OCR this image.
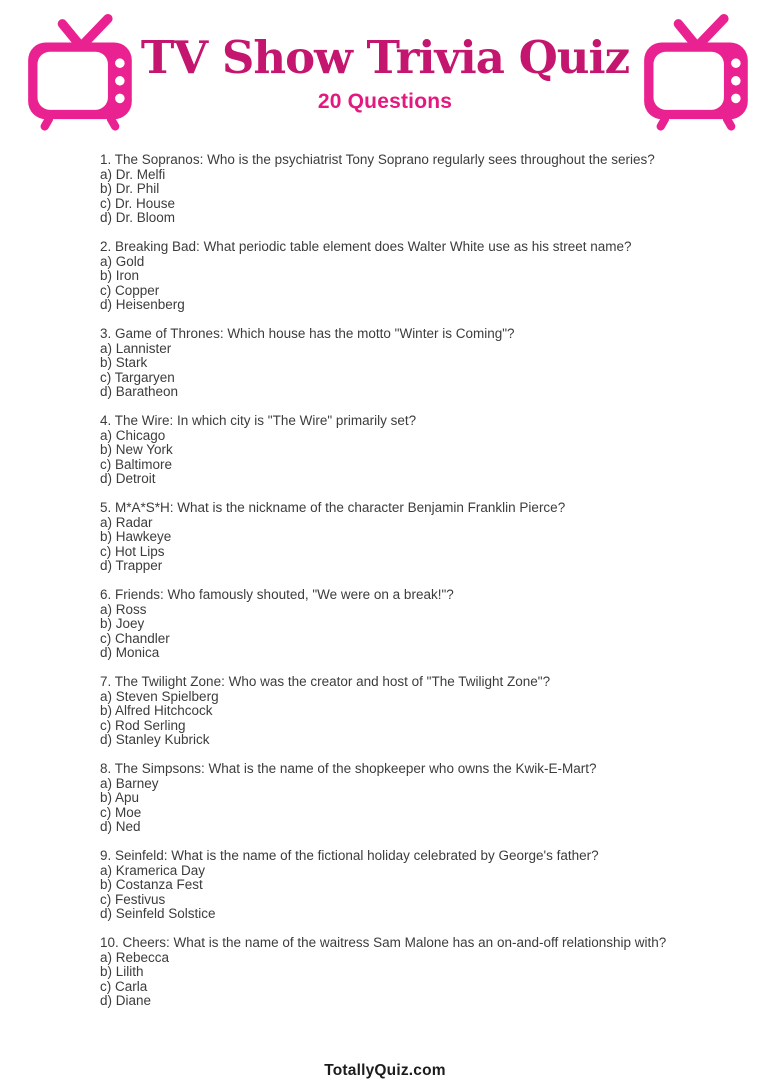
TV Show Trivia Quiz
20 Questions
1. The Sopranos: Who is the psychiatrist Tony Soprano regularly sees throughout the series?
a) Dr. Melfi
b) Dr. Phil
c) Dr. House
d) Dr. Bloom
2. Breaking Bad: What periodic table element does Walter White use as his street name?
a) Gold
b) Iron
c) Copper
d) Heisenberg
3. Game of Thrones: Which house has the motto "Winter is Coming"?
a) Lannister
b) Stark
c) Targaryen
d) Baratheon
4. The Wire: In which city is "The Wire" primarily set?
a) Chicago
b) New York
c) Baltimore
d) Detroit
5. M*A*S*H: What is the nickname of the character Benjamin Franklin Pierce?
a) Radar
b) Hawkeye
c) Hot Lips
d) Trapper
6. Friends: Who famously shouted, "We were on a break!"?
a) Ross
b) Joey
c) Chandler
d) Monica
7. The Twilight Zone: Who was the creator and host of "The Twilight Zone"?
a) Steven Spielberg
b) Alfred Hitchcock
c) Rod Serling
d) Stanley Kubrick
8. The Simpsons: What is the name of the shopkeeper who owns the Kwik-E-Mart?
a) Barney
b) Apu
c) Moe
d) Ned
9. Seinfeld: What is the name of the fictional holiday celebrated by George's father?
a) Kramerica Day
b) Costanza Fest
c) Festivus
d) Seinfeld Solstice
10. Cheers: What is the name of the waitress Sam Malone has an on-and-off relationship with?
a) Rebecca
b) Lilith
c) Carla
d) Diane
TotallyQuiz.com
